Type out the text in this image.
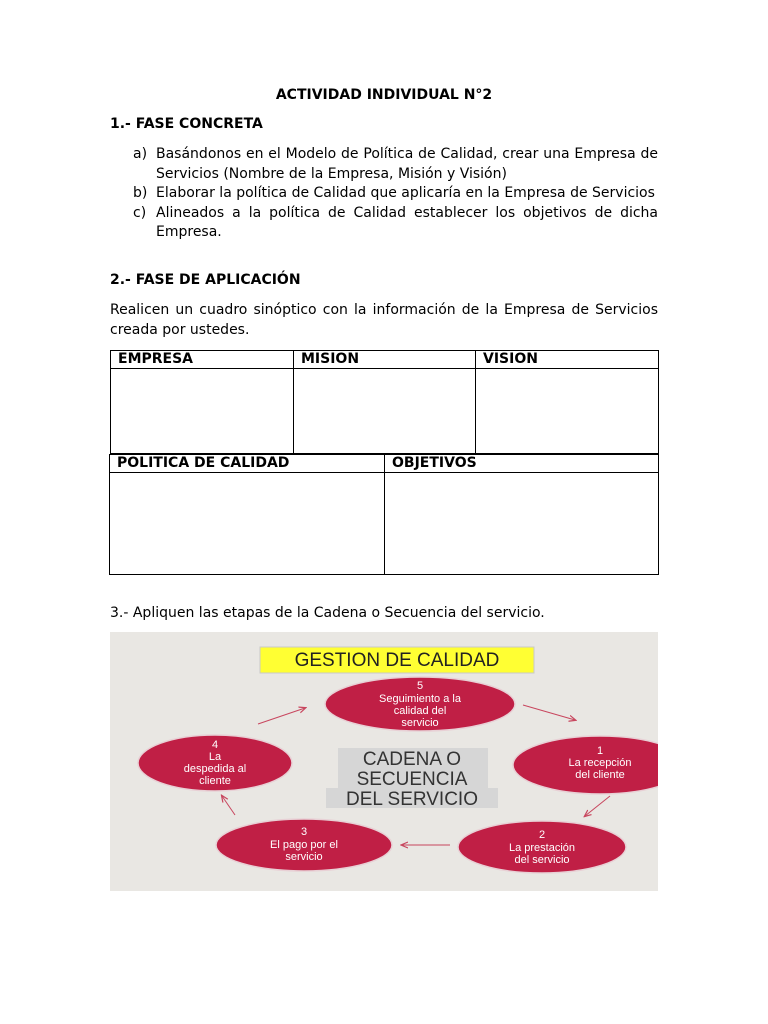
ACTIVIDAD INDIVIDUAL N°2
1.- FASE CONCRETA
a) Basándonos en el Modelo de Política de Calidad, crear una Empresa de Servicios (Nombre de la Empresa, Misión y Visión)
b) Elaborar la política de Calidad que aplicaría en la Empresa de Servicios
c) Alineados a la política de Calidad establecer los objetivos de dicha Empresa.
2.- FASE DE APLICACIÓN
Realicen un cuadro sinóptico con la información de la Empresa de Servicios creada por ustedes.
EMPRESA	MISION	VISION

POLITICA DE CALIDAD	OBJETIVOS

3.- Apliquen las etapas de la Cadena o Secuencia del servicio.
GESTION DE CALIDAD
CADENA O
SECUENCIA
DEL SERVICIO
5
Seguimiento a la
calidad del
servicio
1
La recepción
del cliente
2
La prestación
del servicio
3
El pago por el
servicio
4
La
despedida al
cliente
